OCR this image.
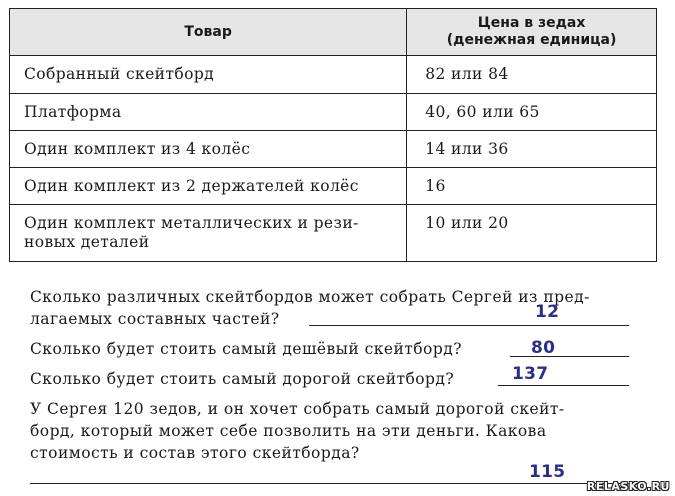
Товар	Цена в зедах
(денежная единица)

Собранный скейтборд	82 или 84
Платформа	40, 60 или 65
Один комплект из 4 колёс	14 или 36
Один комплект из 2 держателей колёс	16

Один комплект металлических и рези-
новых деталей	10 или 20
Сколько различных скейтбордов может собрать Сергей из пред-
лагаемых составных частей?	12
Сколько будет стоить самый дешёвый скейтборд?	80
Сколько будет стоить самый дорогой скейтборд?	137
У Сергея 120 зедов, и он хочет собрать самый дорогой скейт-
борд, который может себе позволить на эти деньги. Какова
стоимость и состав этого скейтборда?
115
RELASKO.RU
